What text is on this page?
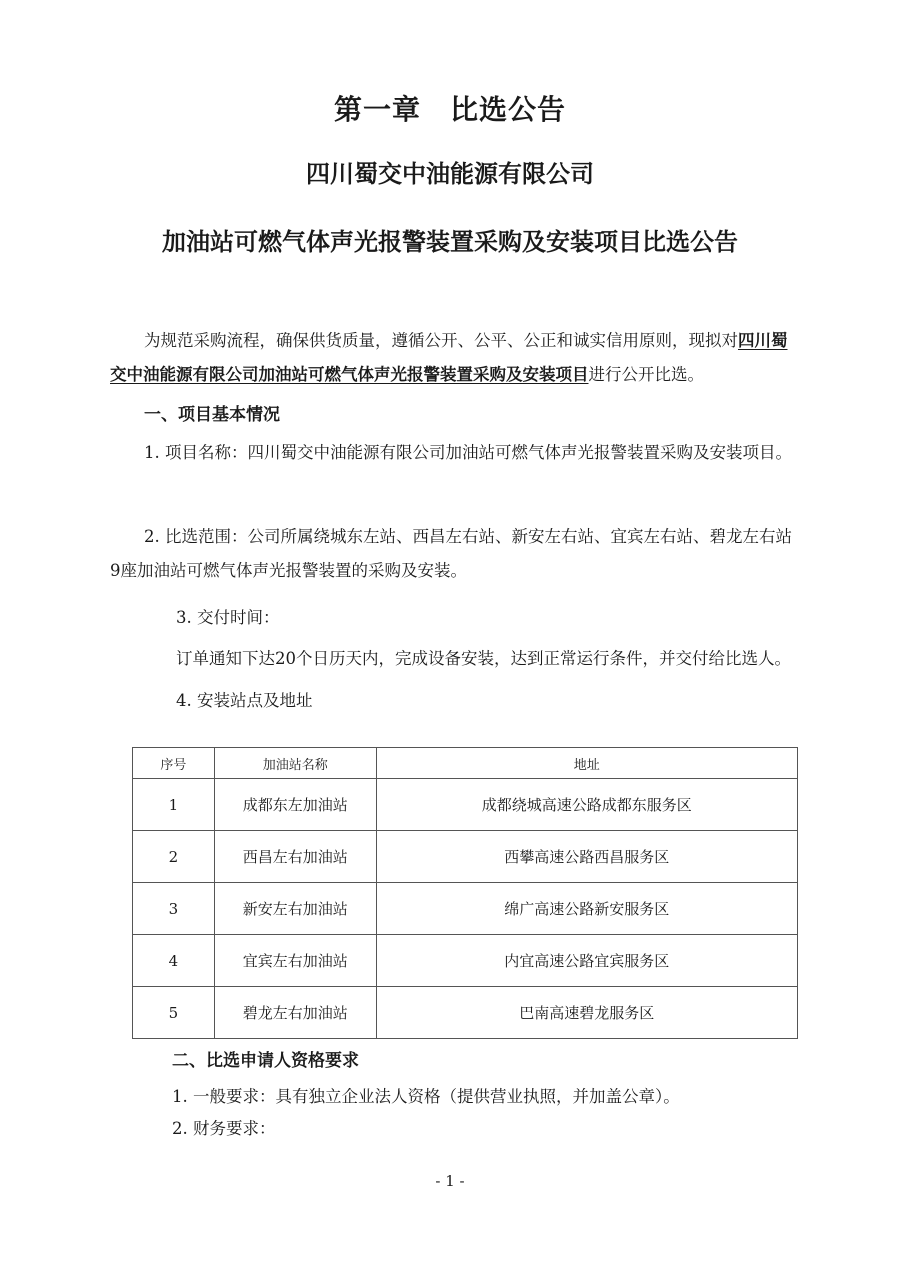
第一章　比选公告
四川蜀交中油能源有限公司
加油站可燃气体声光报警装置采购及安装项目比选公告

为规范采购流程，确保供货质量，遵循公开、公平、公正和诚实信用原则，现拟对四川蜀交中油能源有限公司加油站可燃气体声光报警装置采购及安装项目进行公开比选。

一、项目基本情况

1. 项目名称：四川蜀交中油能源有限公司加油站可燃气体声光报警装置采购及安装项目。

2. 比选范围：公司所属绕城东左站、西昌左右站、新安左右站、宜宾左右站、碧龙左右站9座加油站可燃气体声光报警装置的采购及安装。

3. 交付时间：
订单通知下达20个日历天内，完成设备安装，达到正常运行条件，并交付给比选人。
4. 安装站点及地址
序号	加油站名称	地址
1	成都东左加油站	成都绕城高速公路成都东服务区
2	西昌左右加油站	西攀高速公路西昌服务区
3	新安左右加油站	绵广高速公路新安服务区
4	宜宾左右加油站	内宜高速公路宜宾服务区
5	碧龙左右加油站	巴南高速碧龙服务区
二、比选申请人资格要求
1. 一般要求：具有独立企业法人资格（提供营业执照，并加盖公章）。
2. 财务要求：
- 1 -
